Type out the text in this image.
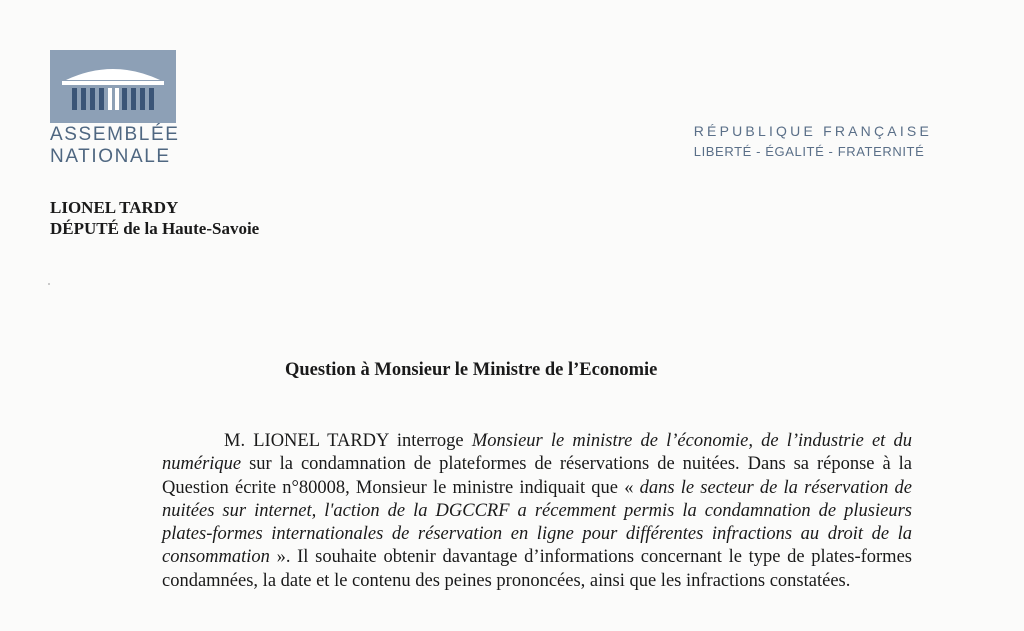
ASSEMBLÉE
NATIONALE
RÉPUBLIQUE FRANÇAISE
LIBERTÉ - ÉGALITÉ - FRATERNITÉ
LIONEL TARDY
DÉPUTÉ de la Haute-Savoie
Question à Monsieur le Ministre de l’Economie

M. LIONEL TARDY interroge Monsieur le ministre de l’économie, de l’industrie et du numérique sur la condamnation de plateformes de réservations de nuitées. Dans sa réponse à la Question écrite n°80008, Monsieur le ministre indiquait que « dans le secteur de la réservation de nuitées sur internet, l'action de la DGCCRF a récemment permis la condamnation de plusieurs plates-formes internationales de réservation en ligne pour différentes infractions au droit de la consommation ». Il souhaite obtenir davantage d’informations concernant le type de plates-formes condamnées, la date et le contenu des peines prononcées, ainsi que les infractions constatées.
